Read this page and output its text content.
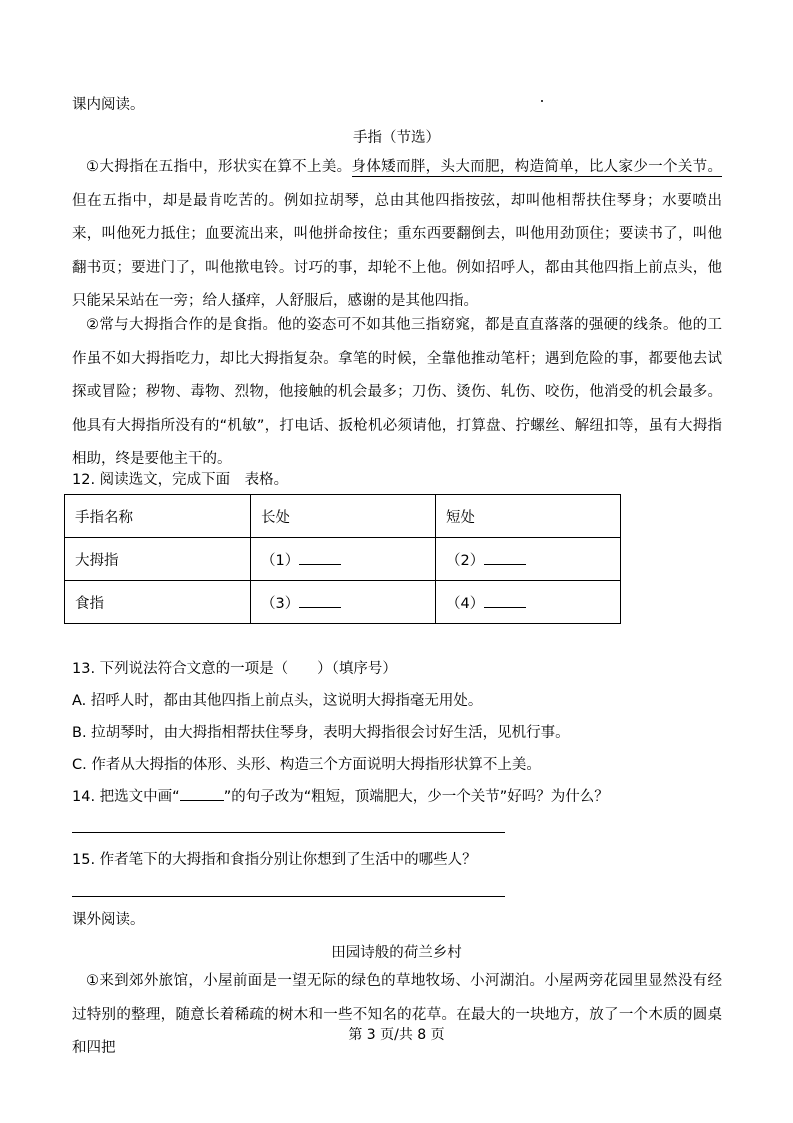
课内阅读。
手指（节选）
①大拇指在五指中，形状实在算不上美。身体矮而胖，头大而肥，构造简单，比人家少一个关节。但在五指中，却是最肯吃苦的。例如拉胡琴，总由其他四指按弦，却叫他相帮扶住琴身；水要喷出来，叫他死力抵住；血要流出来，叫他拼命按住；重东西要翻倒去，叫他用劲顶住；要读书了，叫他翻书页；要进门了，叫他揿电铃。讨巧的事，却轮不上他。例如招呼人，都由其他四指上前点头，他只能呆呆站在一旁；给人搔痒，人舒服后，感谢的是其他四指。
②常与大拇指合作的是食指。他的姿态可不如其他三指窈窕，都是直直落落的强硬的线条。他的工作虽不如大拇指吃力，却比大拇指复杂。拿笔的时候，全靠他推动笔杆；遇到危险的事，都要他去试探或冒险；秽物、毒物、烈物，他接触的机会最多；刀伤、烫伤、轧伤、咬伤，他消受的机会最多。他具有大拇指所没有的“机敏”，打电话、扳枪机必须请他，打算盘、拧螺丝、解纽扣等，虽有大拇指相助，终是要他主干的。
12. 阅读选文，完成下面　表格。
手指名称	长处	短处
大拇指	（1）	（2）
食指	（3）	（4）
13. 下列说法符合文意的一项是（　　）（填序号）
A. 招呼人时，都由其他四指上前点头，这说明大拇指毫无用处。
B. 拉胡琴时，由大拇指相帮扶住琴身，表明大拇指很会讨好生活，见机行事。
C. 作者从大拇指的体形、头形、构造三个方面说明大拇指形状算不上美。
14. 把选文中画“	”的句子改为“粗短，顶端肥大，少一个关节”好吗？为什么？
15. 作者笔下的大拇指和食指分别让你想到了生活中的哪些人？
课外阅读。
田园诗般的荷兰乡村
①来到郊外旅馆，小屋前面是一望无际的绿色的草地牧场、小河湖泊。小屋两旁花园里显然没有经过特别的整理，随意长着稀疏的树木和一些不知名的花草。在最大的一块地方，放了一个木质的圆桌和四把
第 3 页/共 8 页
